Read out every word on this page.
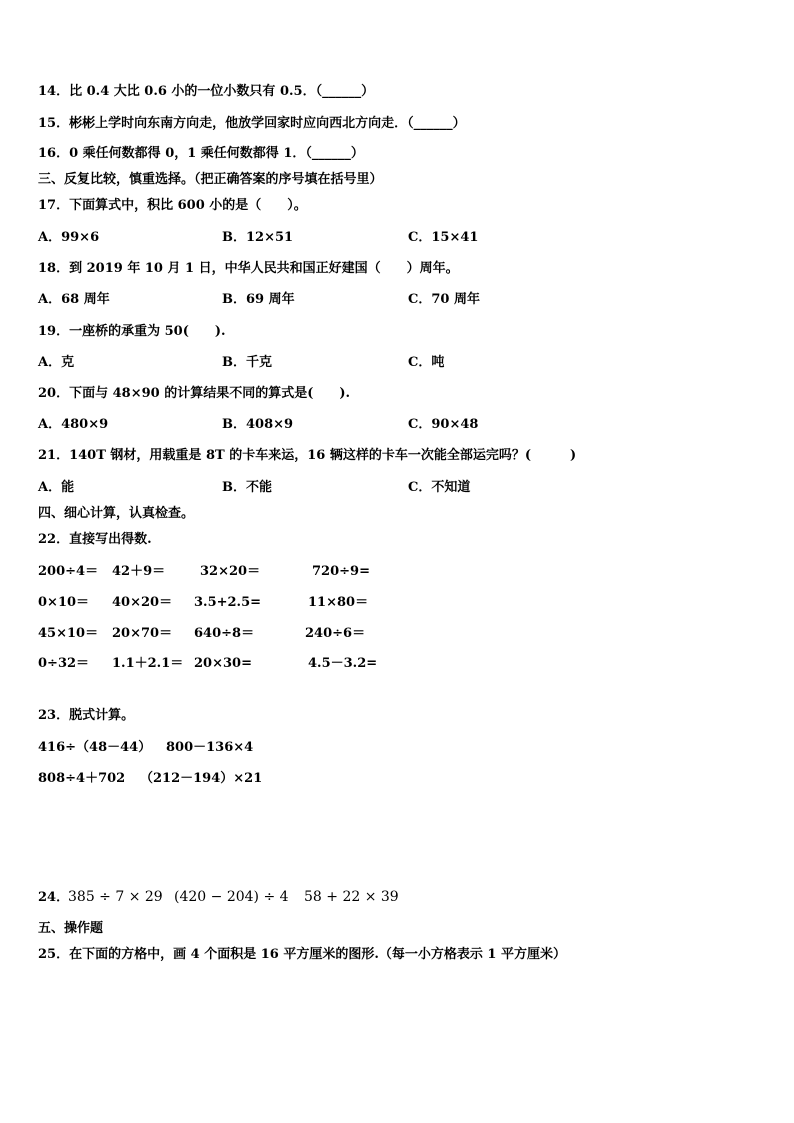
14．比 0.4 大比 0.6 小的一位小数只有 0.5．（______）
15．彬彬上学时向东南方向走，他放学回家时应向西北方向走．（______）
16．0 乘任何数都得 0，1 乘任何数都得 1．（______）
三、反复比较，慎重选择。（把正确答案的序号填在括号里）
17．下面算式中，积比 600 小的是（　　）。
A．99×6	B．12×51	C．15×41
18．到 2019 年 10 月 1 日，中华人民共和国正好建国（　　）周年。
A．68 周年	B．69 周年	C．70 周年
19．一座桥的承重为 50(　　).
A．克	B．千克	C．吨
20．下面与 48×90 的计算结果不同的算式是(　　).
A．480×9	B．408×9	C．90×48
21．140T 钢材，用载重是 8T 的卡车来运，16 辆这样的卡车一次能全部运完吗？(　　　)
A．能	B．不能	C．不知道
四、细心计算，认真检查。
22．直接写出得数.
200÷4＝ 42＋9＝	32×20＝	720÷9=
0×10＝ 40×20＝ 3.5+2.5=	11×80＝
45×10＝ 20×70＝ 640÷8＝	240÷6＝
0÷32＝ 1.1＋2.1＝ 20×30=	4.5－3.2=
23．脱式计算。
416÷（48－44） 800－136×4
808÷4＋702 （212－194）×21
24．
385 ÷ 7 × 29 (420 − 204) ÷ 4 58 + 22 × 39
五、操作题
25．在下面的方格中，画 4 个面积是 16 平方厘米的图形.（每一小方格表示 1 平方厘米）
